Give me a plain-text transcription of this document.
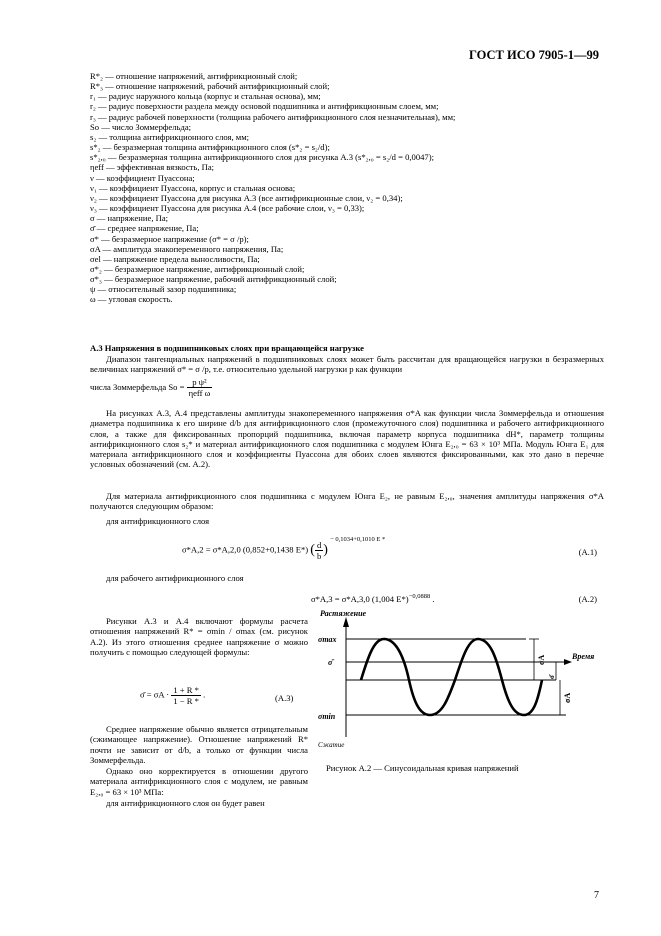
ГОСТ ИСО 7905-1—99
R*₂ — отношение напряжений, антифрикционный слой;
R*₃ — отношение напряжений, рабочий антифрикционный слой;
r₁ — радиус наружного кольца (корпус и стальная основа), мм;
r₂ — радиус поверхности раздела между основой подшипника и антифрикционным слоем, мм;
r₃ — радиус рабочей поверхности (толщина рабочего антифрикционного слоя незначительная), мм;
So — число Зоммерфельда;
s₂ — толщина антифрикционного слоя, мм;
s*₂ — безразмерная толщина антифрикционного слоя (s*₂ = s₂/d);
s*₂,₀ — безразмерная толщина антифрикционного слоя для рисунка А.3 (s*₂,₀ = s₂/d = 0,0047);
ηeff — эффективная вязкость, Па;
ν — коэффициент Пуассона;
ν₁ — коэффициент Пуассона, корпус и стальная основа;
ν₂ — коэффициент Пуассона для рисунка А.3 (все антифрикционные слои, ν₂ = 0,34);
ν₃ — коэффициент Пуассона для рисунка А.4 (все рабочие слои, ν₃ = 0,33);
σ — напряжение, Па;
σ̄ — среднее напряжение, Па;
σ* — безразмерное напряжение (σ* = σ /p);
σA — амплитуда знакопеременного напряжения, Па;
σel — напряжение предела выносливости, Па;
σ*₂ — безразмерное напряжение, антифрикционный слой;
σ*₃ — безразмерное напряжение, рабочий антифрикционный слой;
ψ — относительный зазор подшипника;
ω — угловая скорость.
А.3 Напряжения в подшипниковых слоях при вращающейся нагрузке

Диапазон тангенциальных напряжений в подшипниковых слоях может быть рассчитан для вращающейся нагрузки в безразмерных величинах напряжений σ* = σ /p, т.е. относительно удельной нагрузки p как функции

числа Зоммерфельда $So = \frac{\text{p ψ²}}{\text{ηeff ω}}$

На рисунках А.3, А.4 представлены амплитуды знакопеременного напряжения σ*A как функции числа Зоммерфельда и отношения диаметра подшипника к его ширине d/b для антифрикционного слоя (промежуточного слоя) подшипника и рабочего антифрикционного слоя, а также для фиксированных пропорций подшипника, включая параметр корпуса подшипника dH*, параметр толщины антифрикционного слоя s₂* и материал антифрикционного слоя подшипника с модулем Юнга E₂,₀ = 63 × 10³ МПа. Модуль Юнга E₁ для материала антифрикционного слоя и коэффициенты Пуассона для обоих слоев являются фиксированными, как это дано в перечне условных обозначений (см. А.2).

Для материала антифрикционного слоя подшипника с модулем Юнга E₂, не равным E₂,₀, значения амплитуды напряжения σ*A получаются следующим образом:

для антифрикционного слоя

σ*A,2 = σ*A,2,0 (0,852+0,1438 E*) ( $\frac{d}{b}$ ) $^{- 0,1034+0,1010 E *}$
(А.1)

для рабочего антифрикционного слоя

σ*A,3 = σ*A,3,0 (1,004 E*)$^{-0,0888}$ .	(А.2)

Рисунки А.3 и А.4 включают формулы расчета отношения напряжений R* = σmin / σmax (см. рисунок А.2). Из этого отношения среднее напряжение σ можно получить с помощью следующей формулы:

σ̄ = $\sigma A \cdot \frac{1 + R *}{1 - R *}$ .	(А.3)

Среднее напряжение обычно является отрицательным (сжимающее напряжение). Отношение напряжений R* почти не зависит от d/b, а только от функции числа Зоммерфельда.

Однако оно корректируется в отношении другого материала антифрикционного слоя с модулем, не равным E₂,₀ = 63 × 10³ МПа:

для антифрикционного слоя он будет равен

Растяжение
Сжатие
σmax
σ̄
σmin
Время
σA
σ̄
σA
Рисунок А.2 — Синусоидальная кривая напряжений
7
